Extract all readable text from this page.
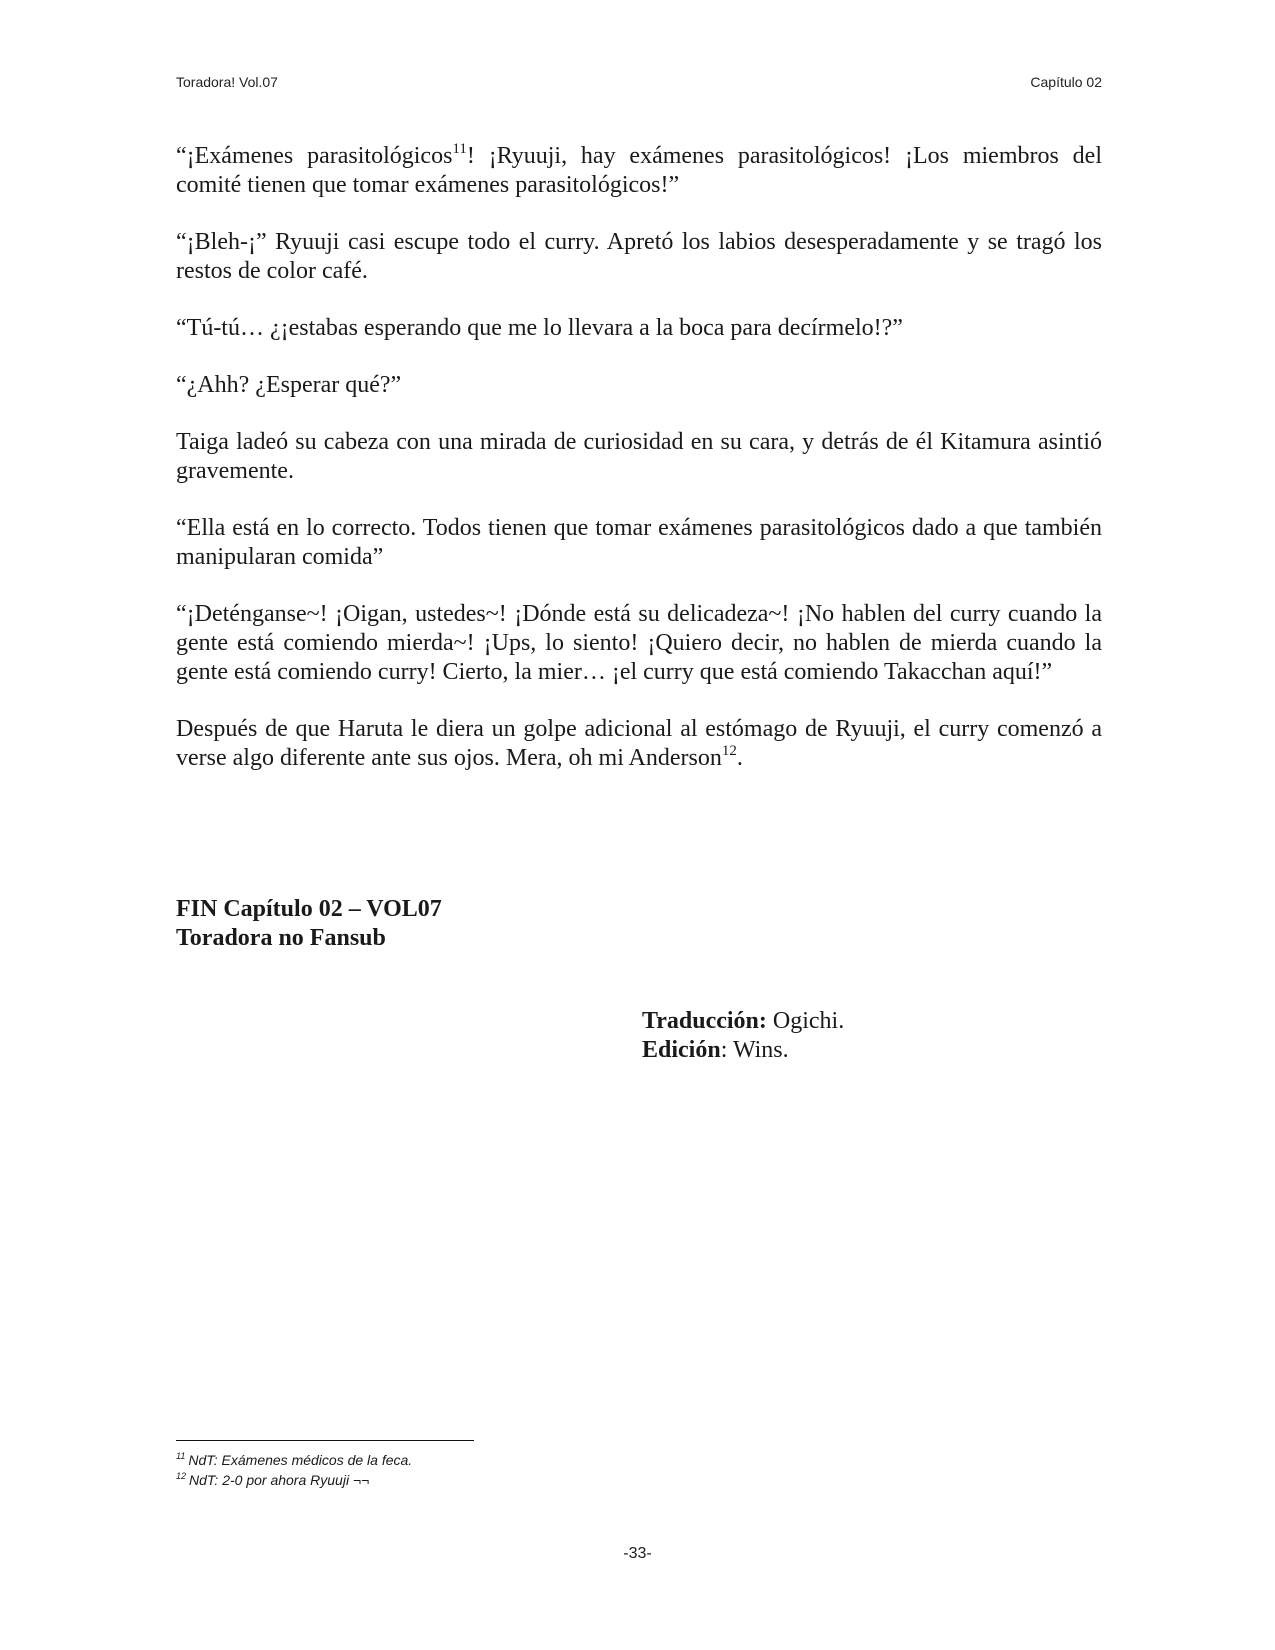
Toradora! Vol.07	Capítulo 02

“¡Exámenes parasitológicos$^{11}$! ¡Ryuuji, hay exámenes parasitológicos! ¡Los miembros del comité tienen que tomar exámenes parasitológicos!”

“¡Bleh-¡” Ryuuji casi escupe todo el curry. Apretó los labios desesperadamente y se tragó los restos de color café.

“Tú-tú… ¿¡estabas esperando que me lo llevara a la boca para decírmelo!?”

“¿Ahh? ¿Esperar qué?”

Taiga ladeó su cabeza con una mirada de curiosidad en su cara, y detrás de él Kitamura asintió gravemente.

“Ella está en lo correcto. Todos tienen que tomar exámenes parasitológicos dado a que también manipularan comida”

“¡Deténganse~! ¡Oigan, ustedes~! ¡Dónde está su delicadeza~! ¡No hablen del curry cuando la gente está comiendo mierda~! ¡Ups, lo siento! ¡Quiero decir, no hablen de mierda cuando la gente está comiendo curry! Cierto, la mier… ¡el curry que está comiendo Takacchan aquí!”

Después de que Haruta le diera un golpe adicional al estómago de Ryuuji, el curry comenzó a verse algo diferente ante sus ojos. Mera, oh mi Anderson$^{12}$.

FIN Capítulo 02 – VOL07
Toradora no Fansub
Traducción: Ogichi.
Edición: Wins.
$^{11}$ NdT: Exámenes médicos de la feca.
$^{12}$ NdT: 2-0 por ahora Ryuuji ¬¬
-33-
